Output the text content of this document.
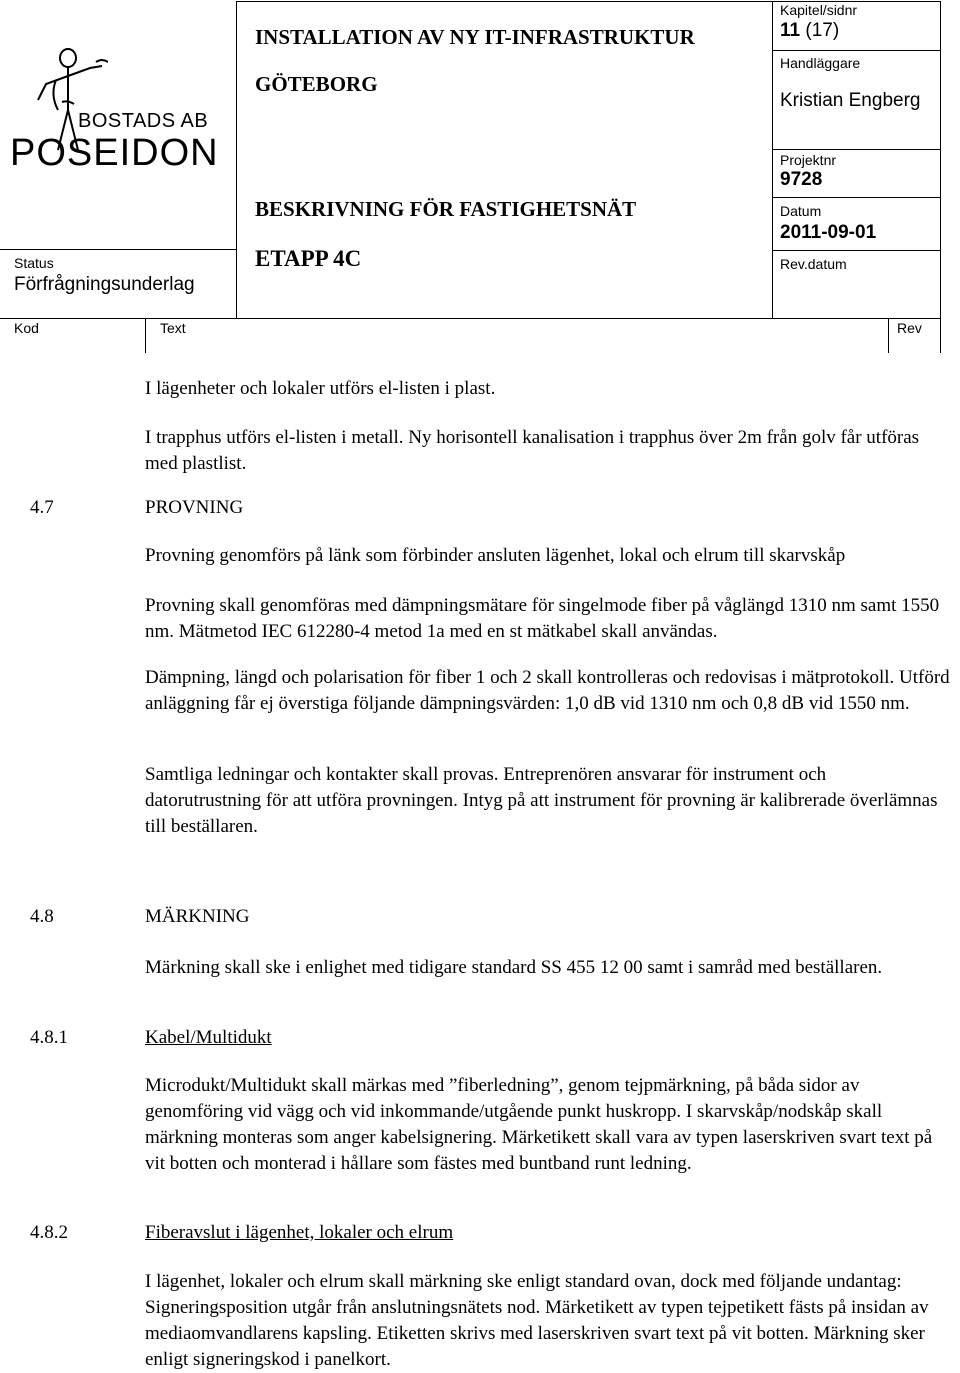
BOSTADS AB
POSEIDON
Status
Förfrågningsunderlag
INSTALLATION AV NY IT-INFRASTRUKTUR
GÖTEBORG
BESKRIVNING FÖR FASTIGHETSNÄT
ETAPP 4C
Kapitel/sidnr
11 (17)
Handläggare
Kristian Engberg
Projektnr
9728
Datum
2011-09-01
Rev.datum
Kod	Text	Rev
I lägenheter och lokaler utförs el-listen i plast.
I trapphus utförs el-listen i metall. Ny horisontell kanalisation i trapphus över 2m från golv får utföras med plastlist.
4.7	PROVNING
Provning genomförs på länk som förbinder ansluten lägenhet, lokal och elrum till skarvskåp
Provning skall genomföras med dämpningsmätare för singelmode fiber på våglängd 1310 nm samt 1550 nm. Mätmetod IEC 612280-4 metod 1a med en st mätkabel skall användas.
Dämpning, längd och polarisation för fiber 1 och 2 skall kontrolleras och redovisas i mätprotokoll. Utförd anläggning får ej överstiga följande dämpningsvärden: 1,0 dB vid 1310 nm och 0,8 dB vid 1550 nm.
Samtliga ledningar och kontakter skall provas. Entreprenören ansvarar för instrument och datorutrustning för att utföra provningen. Intyg på att instrument för provning är kalibrerade överlämnas till beställaren.
4.8	MÄRKNING
Märkning skall ske i enlighet med tidigare standard SS 455 12 00 samt i samråd med beställaren.
4.8.1	Kabel/Multidukt
Microdukt/Multidukt skall märkas med ”fiberledning”, genom tejpmärkning, på båda sidor av genomföring vid vägg och vid inkommande/utgående punkt huskropp. I skarvskåp/nodskåp skall märkning monteras som anger kabelsignering. Märketikett skall vara av typen laserskriven svart text på vit botten och monterad i hållare som fästes med buntband runt ledning.
4.8.2	Fiberavslut i lägenhet, lokaler och elrum
I lägenhet, lokaler och elrum skall märkning ske enligt standard ovan, dock med följande undantag: Signeringsposition utgår från anslutningsnätets nod. Märketikett av typen tejpetikett fästs på insidan av mediaomvandlarens kapsling. Etiketten skrivs med laserskriven svart text på vit botten. Märkning sker enligt signeringskod i panelkort.
